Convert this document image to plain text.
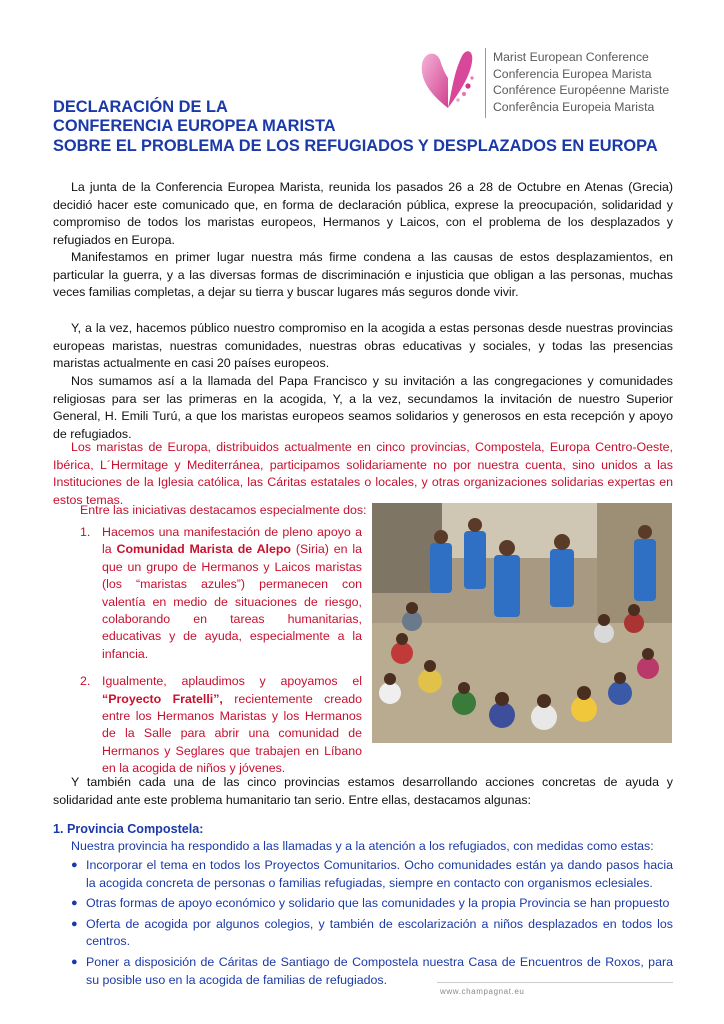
Marist European Conference
Conferencia Europea Marista
Conférence Européenne Mariste
Conferência Europeia Marista
DECLARACIÓN DE LA
CONFERENCIA EUROPEA MARISTA
SOBRE EL PROBLEMA DE LOS REFUGIADOS Y DESPLAZADOS EN EUROPA

La junta de la Conferencia Europea Marista, reunida los pasados 26 a 28 de Octubre en Atenas (Grecia) decidió hacer este comunicado que, en forma de declaración pública, exprese la preocupación, solidaridad y compromiso de todos los maristas europeos, Hermanos y Laicos, con el problema de los desplazados y refugiados en Europa.

Manifestamos en primer lugar nuestra más firme condena a las causas de estos desplazamientos, en particular la guerra, y a las diversas formas de discriminación e injusticia que obligan a las personas, muchas veces familias completas, a dejar su tierra y buscar lugares más seguros donde vivir.

Y, a la vez, hacemos público nuestro compromiso en la acogida a estas personas desde nuestras provincias europeas maristas, nuestras comunidades, nuestras obras educativas y sociales, y todas las presencias maristas actualmente en casi 20 países europeos.

Nos sumamos así a la llamada del Papa Francisco y su invitación a las congregaciones y comunidades religiosas para ser las primeras en la acogida, Y, a la vez, secundamos la invitación de nuestro Superior General, H. Emili Turú, a que los maristas europeos seamos solidarios y generosos en esta recepción y apoyo de refugiados.

Los maristas de Europa, distribuidos actualmente en cinco provincias, Compostela, Europa Centro-Oeste, Ibérica, L´Hermitage y Mediterránea, participamos solidariamente no por nuestra cuenta, sino unidos a las Instituciones de la Iglesia católica, las Cáritas estatales o locales, y otras organizaciones solidarias expertas en estos temas.

Entre las iniciativas destacamos especialmente dos:
1. Hacemos una manifestación de pleno apoyo a la Comunidad Marista de Alepo (Siria) en la que un grupo de Hermanos y Laicos maristas (los “maristas azules”) permanecen con valentía en medio de situaciones de riesgo, colaborando en tareas humanitarias, educativas y de ayuda, especialmente a la infancia.
2. Igualmente, aplaudimos y apoyamos el “Proyecto Fratelli”, recientemente creado entre los Hermanos Maristas y los Hermanos de la Salle para abrir una comunidad de Hermanos y Seglares que trabajen en Líbano en la acogida de niños y jóvenes.

Y también cada una de las cinco provincias estamos desarrollando acciones concretas de ayuda y solidaridad ante este problema humanitario tan serio. Entre ellas, destacamos algunas:

1. Provincia Compostela:
Nuestra provincia ha respondido a las llamadas y a la atención a los refugiados, con medidas como estas:
● Incorporar el tema en todos los Proyectos Comunitarios. Ocho comunidades están ya dando pasos hacia la acogida concreta de personas o familias refugiadas, siempre en contacto con organismos eclesiales.
● Otras formas de apoyo económico y solidario que las comunidades y la propia Provincia se han propuesto
● Oferta de acogida por algunos colegios, y también de escolarización a niños desplazados en todos los centros.
● Poner a disposición de Cáritas de Santiago de Compostela nuestra Casa de Encuentros de Roxos, para su posible uso en la acogida de familias de refugiados.
www.champagnat.eu
